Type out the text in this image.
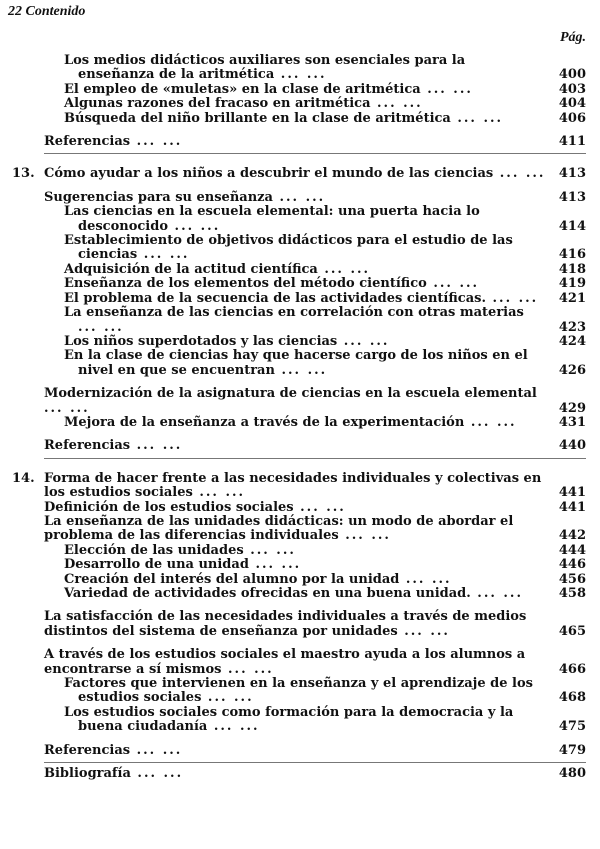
22 Contenido
Pág.
Los medios didácticos auxiliares son esenciales para la enseñanza de la aritmética ... ...	400
El empleo de «muletas» en la clase de aritmética ... ...	403
Algunas razones del fracaso en aritmética ... ...	404
Búsqueda del niño brillante en la clase de aritmética ... ...	406
Referencias ... ...	411
13. Cómo ayudar a los niños a descubrir el mundo de las ciencias ... ... 413
Sugerencias para su enseñanza ... ...	413
Las ciencias en la escuela elemental: una puerta hacia lo desconocido ... ...	414
Establecimiento de objetivos didácticos para el estudio de las ciencias ... ...	416
Adquisición de la actitud científica ... ...	418
Enseñanza de los elementos del método científico ... ...	419
El problema de la secuencia de las actividades científicas. ... ...	421
La enseñanza de las ciencias en correlación con otras materias ... ...	423
Los niños superdotados y las ciencias ... ...	424
En la clase de ciencias hay que hacerse cargo de los niños en el nivel en que se encuentran ... ...	426
Modernización de la asignatura de ciencias en la escuela elemental ... ...	429
Mejora de la enseñanza a través de la experimentación ... ...	431
Referencias ... ...	440
14. Forma de hacer frente a las necesidades individuales y colectivas en los estudios sociales ... ...	441
Definición de los estudios sociales ... ...	441
La enseñanza de las unidades didácticas: un modo de abordar el problema de las diferencias individuales ... ...	442
Elección de las unidades ... ...	444
Desarrollo de una unidad ... ...	446
Creación del interés del alumno por la unidad ... ...	456
Variedad de actividades ofrecidas en una buena unidad. ... ...	458
La satisfacción de las necesidades individuales a través de medios distintos del sistema de enseñanza por unidades ... ...	465
A través de los estudios sociales el maestro ayuda a los alumnos a encontrarse a sí mismos ... ...	466
Factores que intervienen en la enseñanza y el aprendizaje de los estudios sociales ... ...	468
Los estudios sociales como formación para la democracia y la buena ciudadanía ... ...	475
Referencias ... ...	479
Bibliografía ... ...	480
